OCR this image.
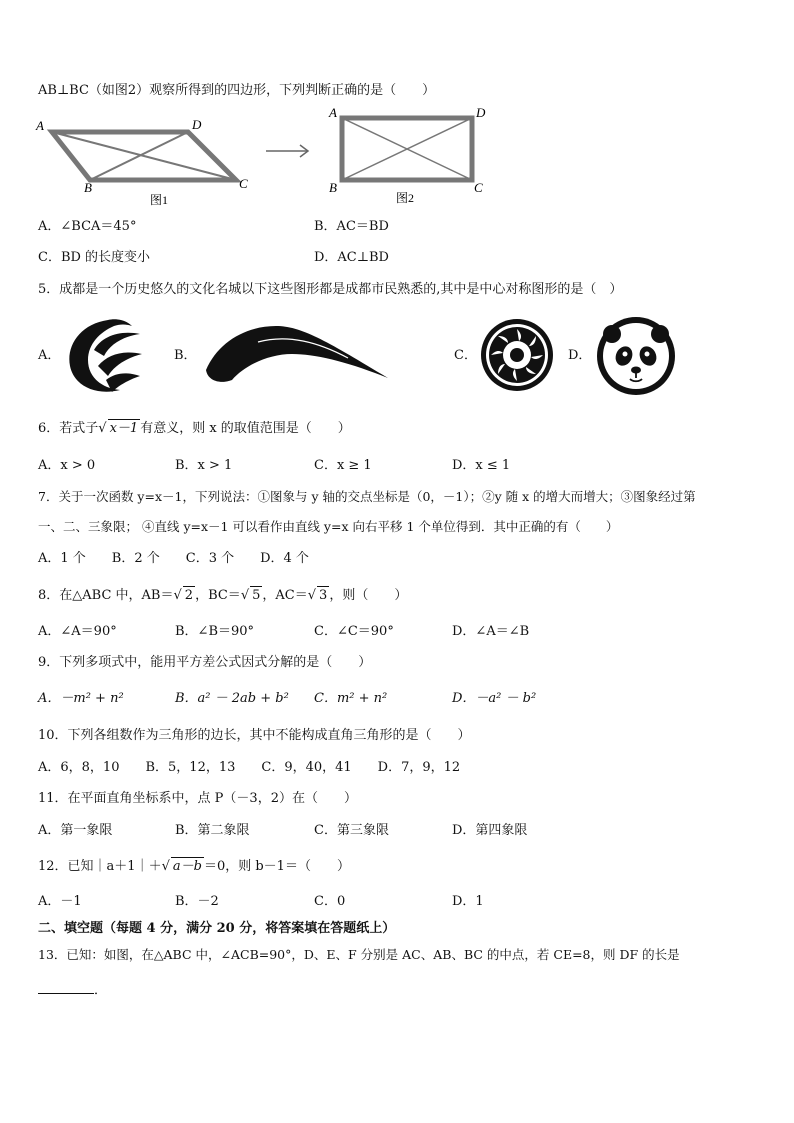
AB⊥BC（如图2）观察所得到的四边形，下列判断正确的是（　　）
A	D
B	C
图1
A	D
B	C
图2
A．∠BCA＝45°	B．AC＝BD
C．BD 的长度变小	D．AC⊥BD
5．成都是一个历史悠久的文化名城以下这些图形都是成都市民熟悉的,其中是中心对称图形的是（　）
A．	B．	C．	D．
6．若式子√ x－1 有意义，则 x 的取值范围是（　　）
A．x > 0	B．x > 1	C．x ≥ 1	D．x ≤ 1
7．关于一次函数 y=x－1，下列说法：①图象与 y 轴的交点坐标是（0，－1）；②y 随 x 的增大而增大；③图象经过第
一、二、三象限； ④直线 y=x－1 可以看作由直线 y=x 向右平移 1 个单位得到．其中正确的有（　　）
A．1 个　　B．2 个　　C．3 个　　D．4 个
8．在△ABC 中，AB＝√ 2 ，BC＝√ 5 ，AC＝√ 3 ，则（　　）
A．∠A＝90°	B．∠B＝90°	C．∠C＝90°	D．∠A＝∠B
9．下列多项式中，能用平方差公式因式分解的是（　　）
A．－m² + n²	B．a² － 2ab + b² C．m² + n²	D．－a² － b²
10．下列各组数作为三角形的边长，其中不能构成直角三角形的是（　　）
A．6，8，10　　B．5，12，13　　C．9，40，41　　D．7，9，12
11．在平面直角坐标系中，点 P（－3，2）在（　　）
A．第一象限	B．第二象限	C．第三象限	D．第四象限
12．已知｜a＋1｜＋√ a－b ＝0，则 b－1＝（　　）
A．－1	B．－2	C．0	D．1
二、填空题（每题 4 分，满分 20 分，将答案填在答题纸上）
13．已知：如图，在△ABC 中，∠ACB=90°，D、E、F 分别是 AC、AB、BC 的中点，若 CE=8，则 DF 的长是
．
